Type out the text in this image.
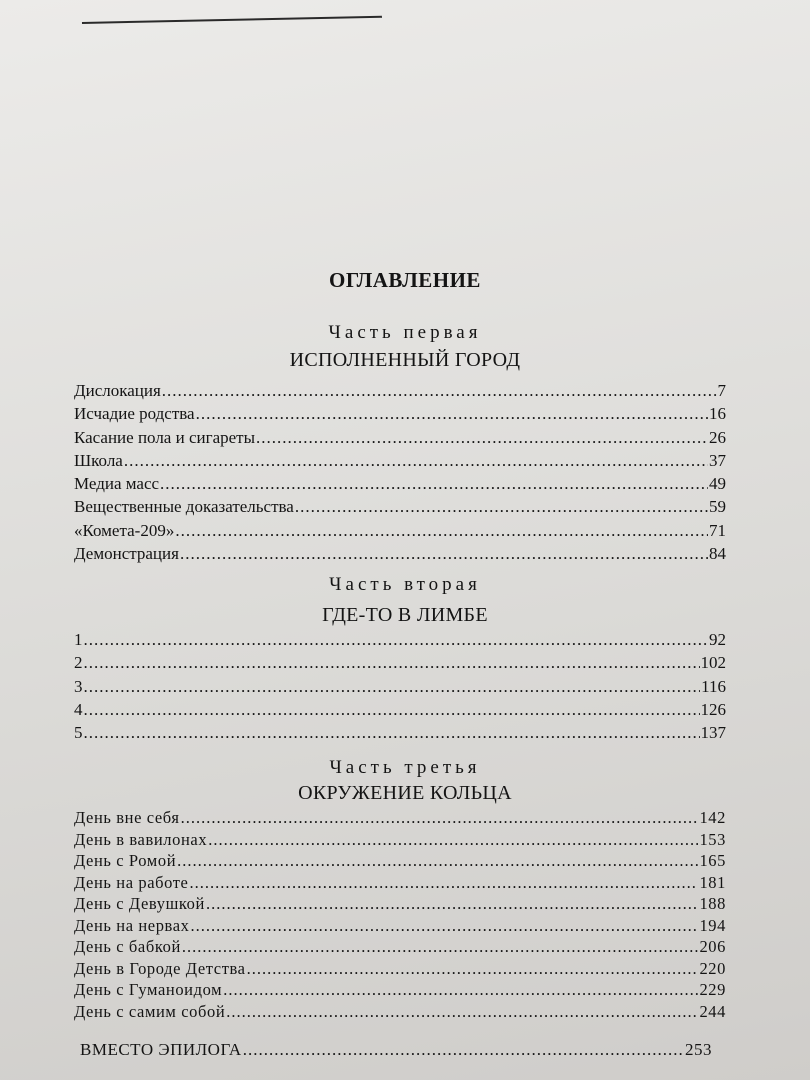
ОГЛАВЛЕНИЕ
Часть первая
ИСПОЛНЕННЫЙ ГОРОД
Дислокация .....	7
Исчадие родства .....	16
Касание пола и сигареты .....	26
Школа .....	37
Медиа масс .....	49
Вещественные доказательства .....	59
«Комета-209» .....	71
Демонстрация .....	84
Часть вторая
ГДЕ-ТО В ЛИМБЕ
1 .....	92
2 .....	102
3 .....	116
4 .....	126
5 .....	137
Часть третья
ОКРУЖЕНИЕ КОЛЬЦА
День вне себя .....	142
День в вавилонах .....	153
День с Ромой .....	165
День на работе .....	181
День с Девушкой .....	188
День на нервах .....	194
День с бабкой .....	206
День в Городе Детства .....	220
День с Гуманоидом .....	229
День с самим собой .....	244
ВМЕСТО ЭПИЛОГА .....	253
